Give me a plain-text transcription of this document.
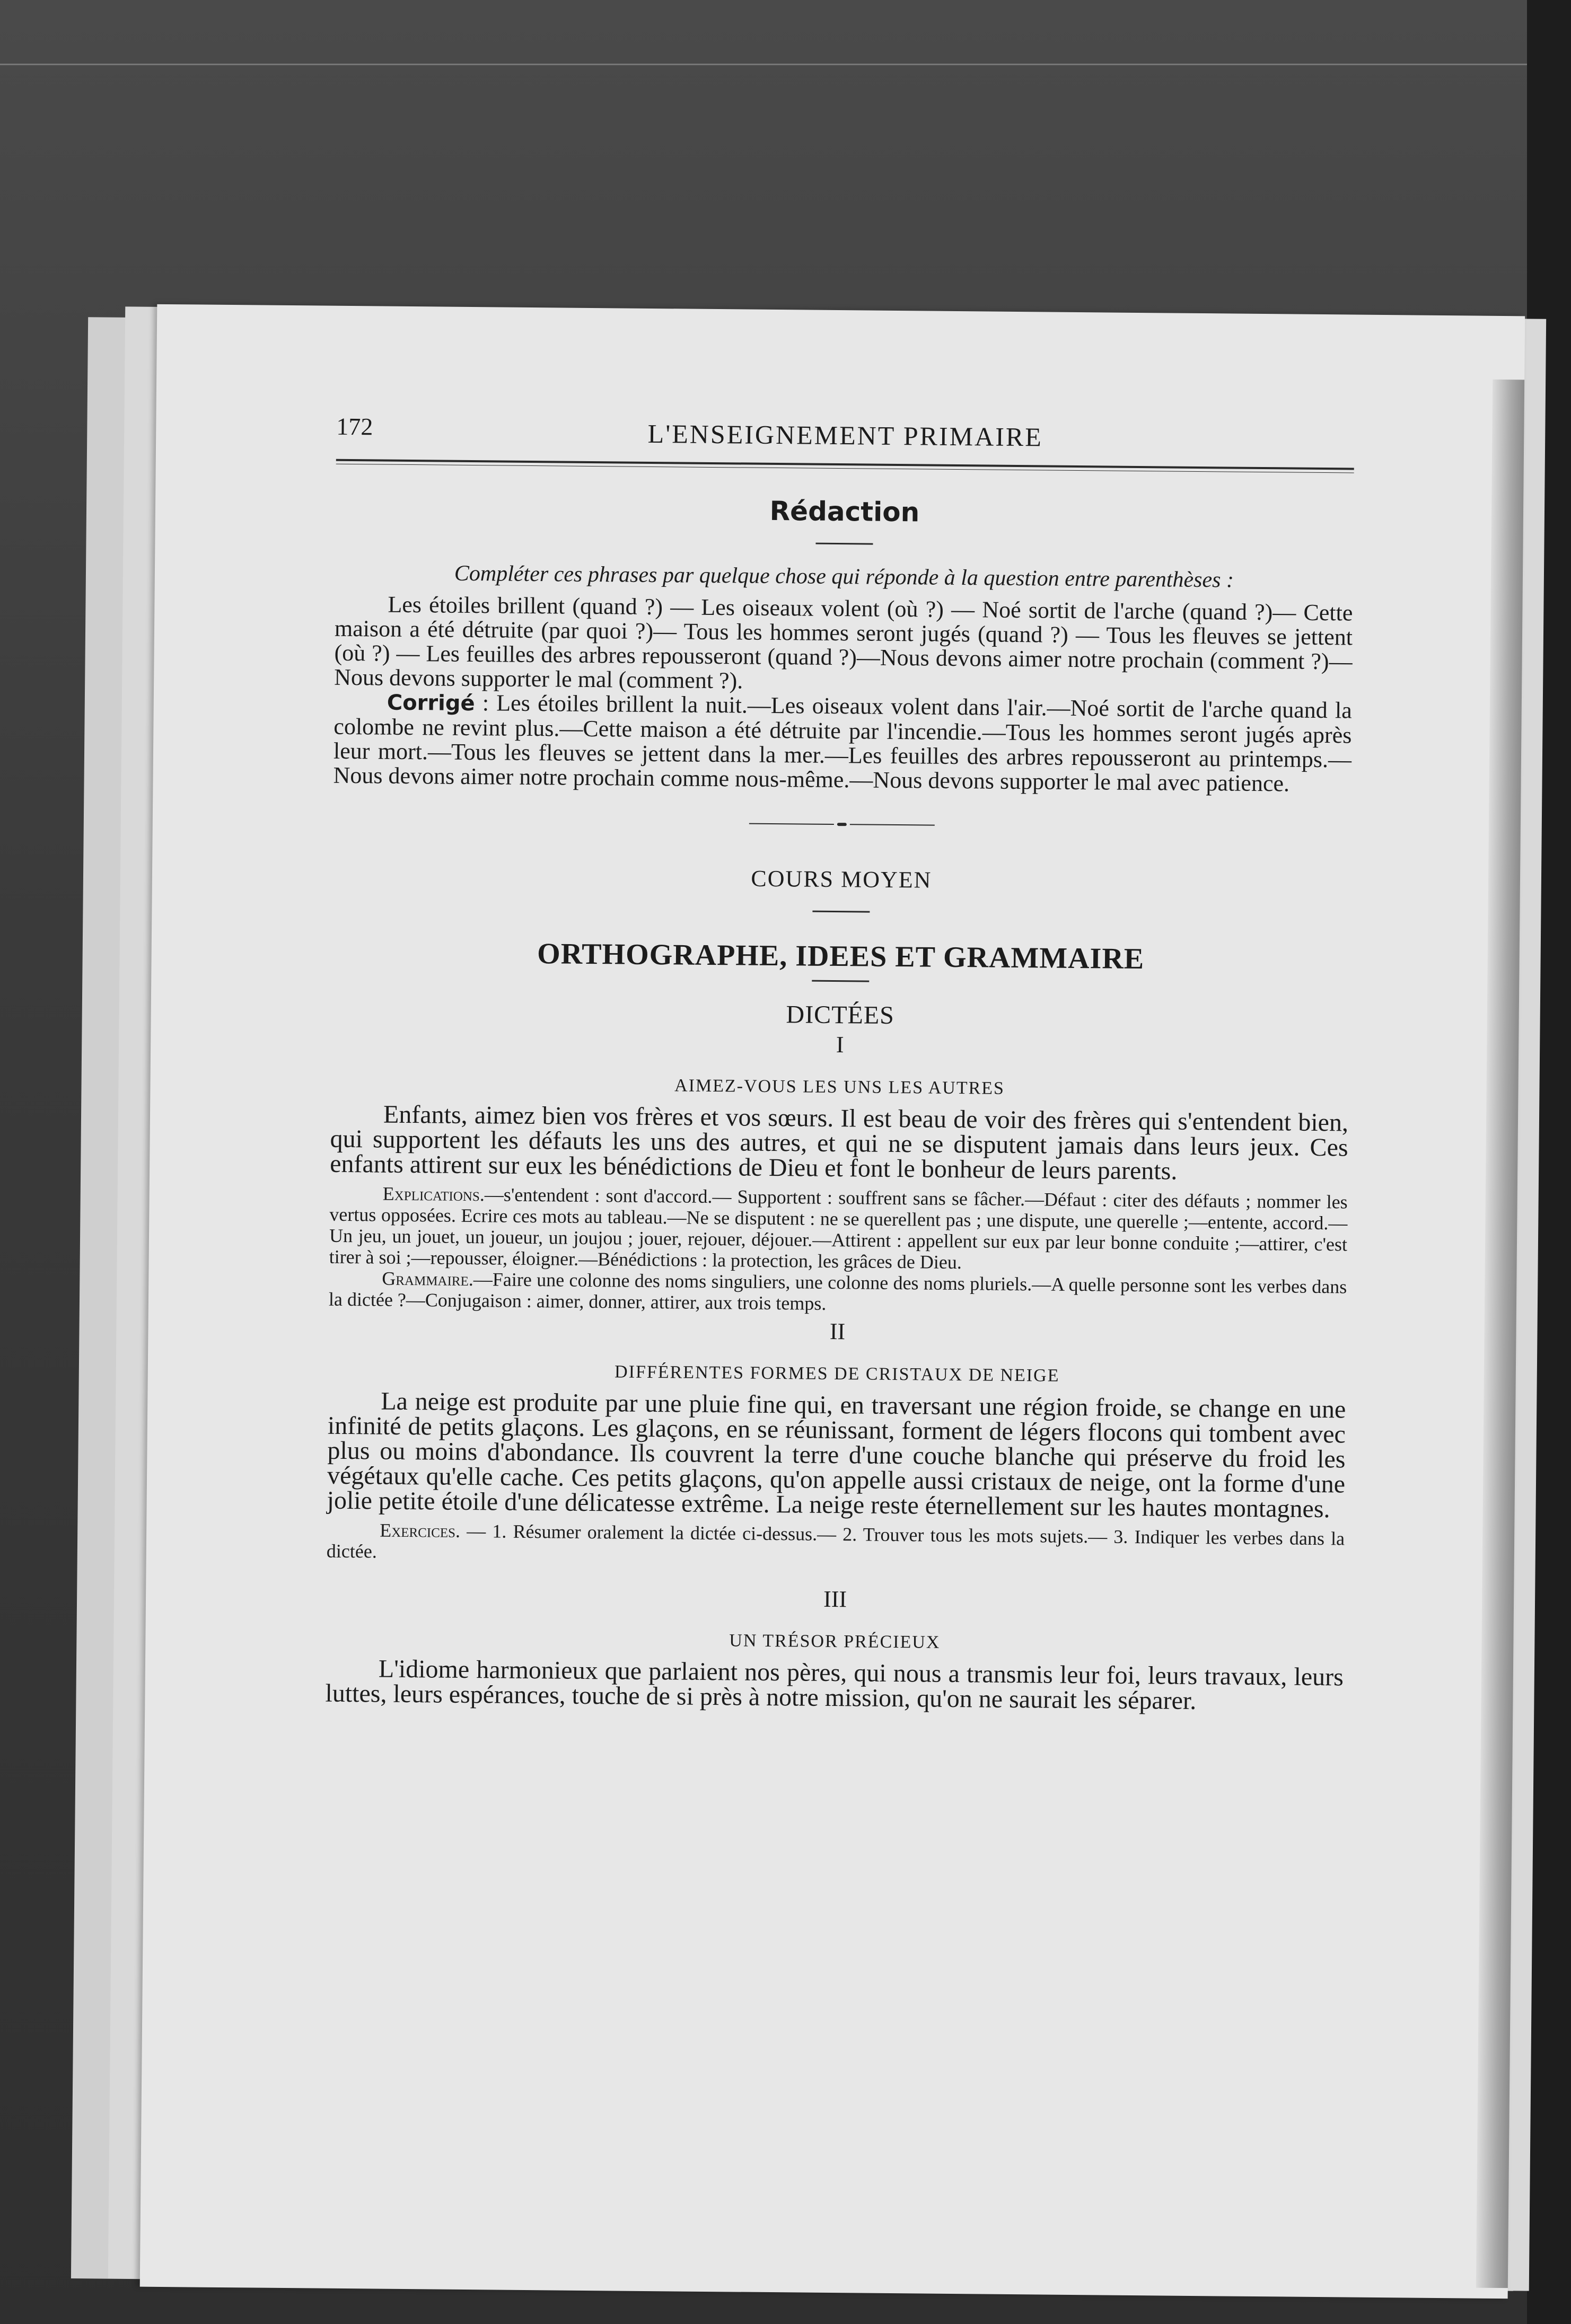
172	L'ENSEIGNEMENT PRIMAIRE
Rédaction
Compléter ces phrases par quelque chose qui réponde à la question entre parenthèses :

Les étoiles brillent (quand ?) — Les oiseaux volent (où ?) — Noé sortit de l'arche (quand ?)— Cette maison a été détruite (par quoi ?)— Tous les hommes seront jugés (quand ?) — Tous les fleuves se jettent (où ?) — Les feuilles des arbres repousseront (quand ?)—Nous devons aimer notre prochain (comment ?)—Nous devons supporter le mal (comment ?).

Corrigé : Les étoiles brillent la nuit.—Les oiseaux volent dans l'air.—Noé sortit de l'arche quand la colombe ne revint plus.—Cette maison a été détruite par l'incendie.—Tous les hommes seront jugés après leur mort.—Tous les fleuves se jettent dans la mer.—Les feuilles des arbres repousseront au printemps.—Nous devons aimer notre prochain comme nous-même.—Nous devons supporter le mal avec patience.

COURS MOYEN
ORTHOGRAPHE, IDEES ET GRAMMAIRE
DICTÉES
I
AIMEZ-VOUS LES UNS LES AUTRES

Enfants, aimez bien vos frères et vos sœurs. Il est beau de voir des frères qui s'entendent bien, qui supportent les défauts les uns des autres, et qui ne se disputent jamais dans leurs jeux. Ces enfants attirent sur eux les bénédictions de Dieu et font le bonheur de leurs parents.

Explications.—s'entendent : sont d'accord.— Supportent : souffrent sans se fâcher.—Défaut : citer des défauts ; nommer les vertus opposées. Ecrire ces mots au tableau.—Ne se disputent : ne se querellent pas ; une dispute, une querelle ;—entente, accord.—Un jeu, un jouet, un joueur, un joujou ; jouer, rejouer, déjouer.—Attirent : appellent sur eux par leur bonne conduite ;—attirer, c'est tirer à soi ;—repousser, éloigner.—Bénédictions : la protection, les grâces de Dieu.

Grammaire.—Faire une colonne des noms singuliers, une colonne des noms pluriels.—A quelle personne sont les verbes dans la dictée ?—Conjugaison : aimer, donner, attirer, aux trois temps.

II
DIFFÉRENTES FORMES DE CRISTAUX DE NEIGE

La neige est produite par une pluie fine qui, en traversant une région froide, se change en une infinité de petits glaçons. Les glaçons, en se réunissant, forment de légers flocons qui tombent avec plus ou moins d'abondance. Ils couvrent la terre d'une couche blanche qui préserve du froid les végétaux qu'elle cache. Ces petits glaçons, qu'on appelle aussi cristaux de neige, ont la forme d'une jolie petite étoile d'une délicatesse extrême. La neige reste éternellement sur les hautes montagnes.

Exercices. — 1. Résumer oralement la dictée ci-dessus.— 2. Trouver tous les mots sujets.— 3. Indiquer les verbes dans la dictée.

III
UN TRÉSOR PRÉCIEUX

L'idiome harmonieux que parlaient nos pères, qui nous a transmis leur foi, leurs travaux, leurs luttes, leurs espérances, touche de si près à notre mission, qu'on ne saurait les séparer.
